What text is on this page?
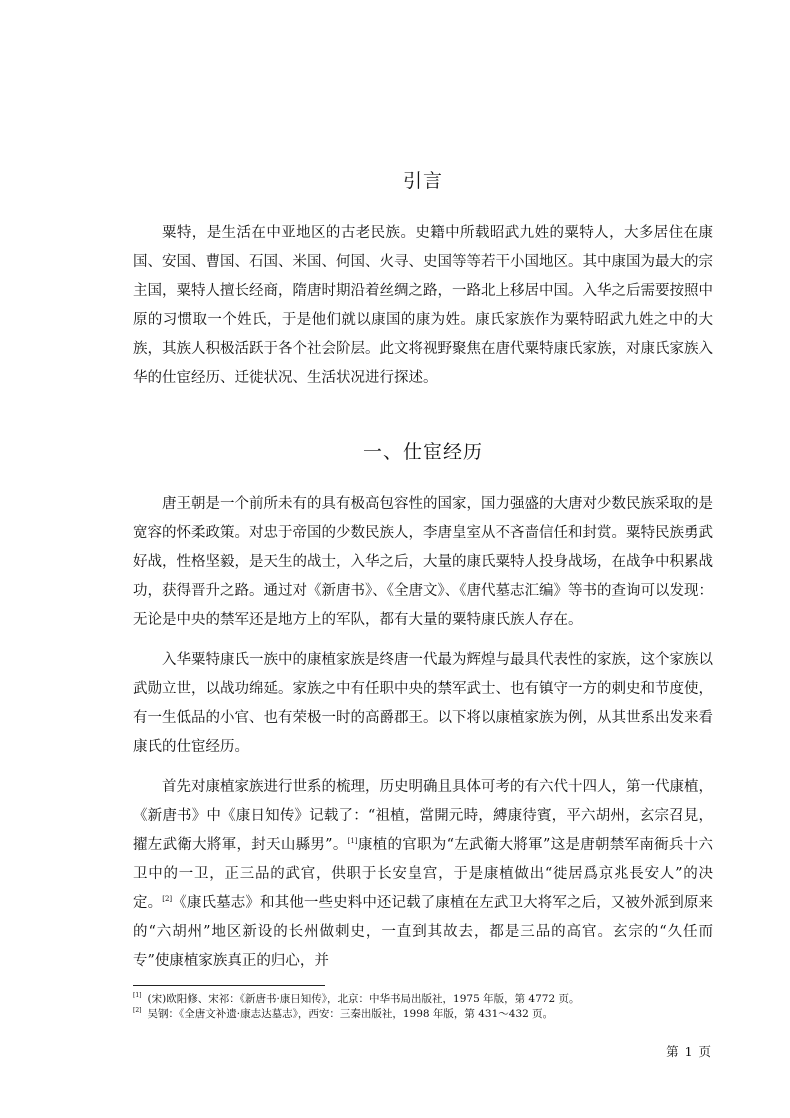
引言

粟特，是生活在中亚地区的古老民族。史籍中所载昭武九姓的粟特人，大多居住在康国、安国、曹国、石国、米国、何国、火寻、史国等等若干小国地区。其中康国为最大的宗主国，粟特人擅长经商，隋唐时期沿着丝绸之路，一路北上移居中国。入华之后需要按照中原的习惯取一个姓氏，于是他们就以康国的康为姓。康氏家族作为粟特昭武九姓之中的大族，其族人积极活跃于各个社会阶层。此文将视野聚焦在唐代粟特康氏家族，对康氏家族入华的仕宦经历、迁徙状况、生活状况进行探述。

一、仕宦经历

唐王朝是一个前所未有的具有极高包容性的国家，国力强盛的大唐对少数民族采取的是宽容的怀柔政策。对忠于帝国的少数民族人，李唐皇室从不吝啬信任和封赏。粟特民族勇武好战，性格坚毅，是天生的战士，入华之后，大量的康氏粟特人投身战场，在战争中积累战功，获得晋升之路。通过对《新唐书》、《全唐文》、《唐代墓志汇编》等书的查询可以发现：无论是中央的禁军还是地方上的军队，都有大量的粟特康氏族人存在。

入华粟特康氏一族中的康植家族是终唐一代最为辉煌与最具代表性的家族，这个家族以武勋立世，以战功绵延。家族之中有任职中央的禁军武士、也有镇守一方的刺史和节度使，有一生低品的小官、也有荣极一时的高爵郡王。以下将以康植家族为例，从其世系出发来看康氏的仕宦经历。

首先对康植家族进行世系的梳理，历史明确且具体可考的有六代十四人，第一代康植，《新唐书》中《康日知传》记载了：“祖植，當開元時，縛康待賓，平六胡州，玄宗召見，擢左武衛大將軍，封天山縣男”。[1]康植的官职为“左武衛大將軍”这是唐朝禁军南衙兵十六卫中的一卫，正三品的武官，供职于长安皇宫，于是康植做出“徙居爲京兆長安人”的决定。[2]《康氏墓志》和其他一些史料中还记载了康植在左武卫大将军之后，又被外派到原来的“六胡州”地区新设的长州做刺史，一直到其故去，都是三品的高官。玄宗的“久任而专”使康植家族真正的归心，并

[1] (宋)欧阳修、宋祁：《新唐书·康日知传》，北京：中华书局出版社，1975 年版，第 4772 页。
[2] 吴钢：《全唐文补遗·康志达墓志》，西安：三秦出版社，1998 年版，第 431～432 页。
第 1 页
